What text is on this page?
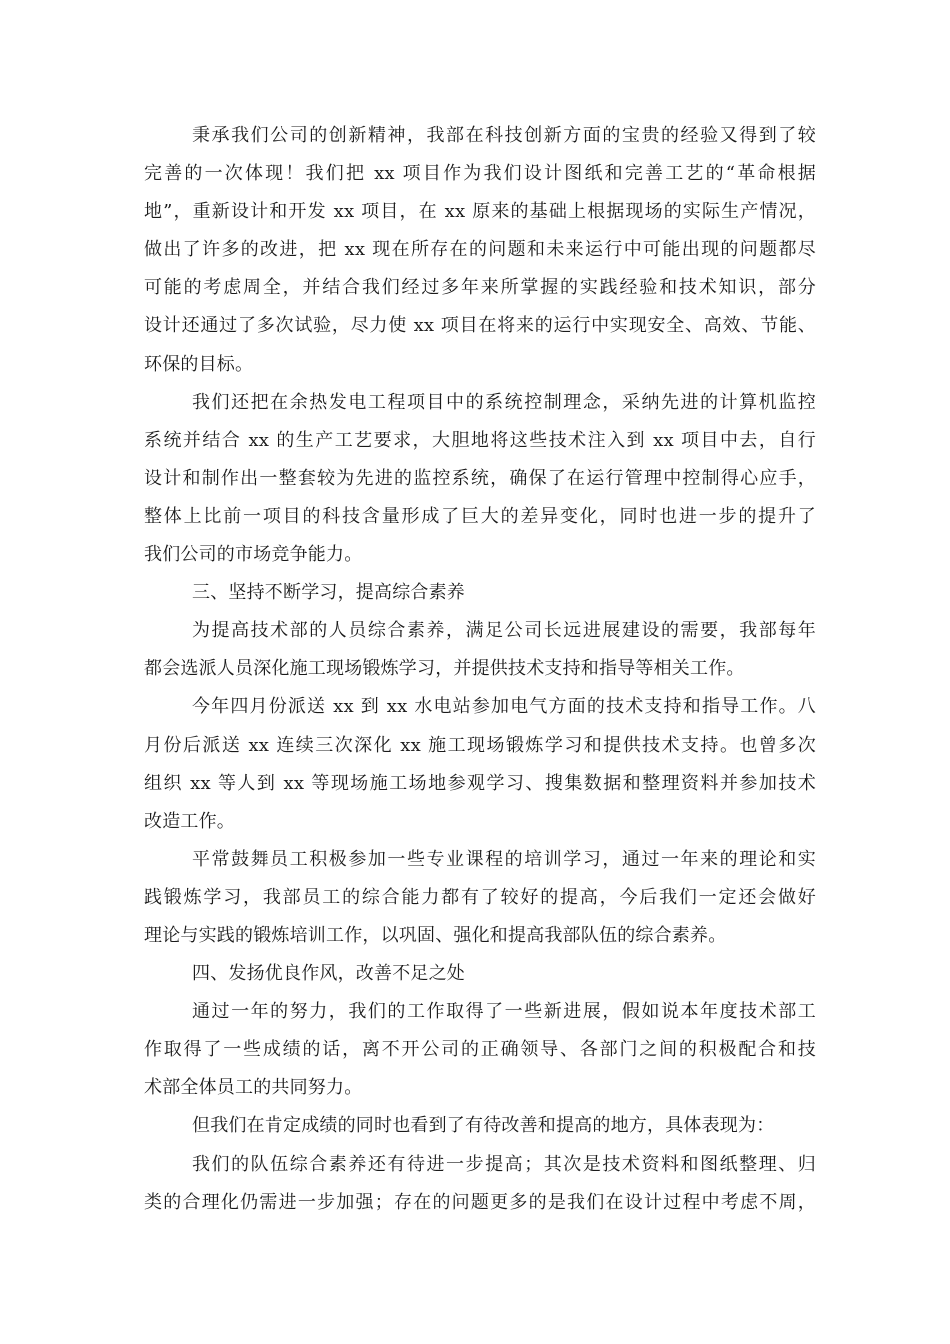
秉承我们公司的创新精神，我部在科技创新方面的宝贵的经验又得到了较
完善的一次体现！我们把 xx 项目作为我们设计图纸和完善工艺的“革命根据
地”，重新设计和开发 xx 项目，在 xx 原来的基础上根据现场的实际生产情况，
做出了许多的改进，把 xx 现在所存在的问题和未来运行中可能出现的问题都尽
可能的考虑周全，并结合我们经过多年来所掌握的实践经验和技术知识，部分
设计还通过了多次试验，尽力使 xx 项目在将来的运行中实现安全、高效、节能、
环保的目标。
我们还把在余热发电工程项目中的系统控制理念，采纳先进的计算机监控
系统并结合 xx 的生产工艺要求，大胆地将这些技术注入到 xx 项目中去，自行
设计和制作出一整套较为先进的监控系统，确保了在运行管理中控制得心应手，
整体上比前一项目的科技含量形成了巨大的差异变化，同时也进一步的提升了
我们公司的市场竞争能力。
三、坚持不断学习，提高综合素养
为提高技术部的人员综合素养，满足公司长远进展建设的需要，我部每年
都会选派人员深化施工现场锻炼学习，并提供技术支持和指导等相关工作。
今年四月份派送 xx 到 xx 水电站参加电气方面的技术支持和指导工作。八
月份后派送 xx 连续三次深化 xx 施工现场锻炼学习和提供技术支持。也曾多次
组织 xx 等人到 xx 等现场施工场地参观学习、搜集数据和整理资料并参加技术
改造工作。
平常鼓舞员工积极参加一些专业课程的培训学习，通过一年来的理论和实
践锻炼学习，我部员工的综合能力都有了较好的提高，今后我们一定还会做好
理论与实践的锻炼培训工作，以巩固、强化和提高我部队伍的综合素养。
四、发扬优良作风，改善不足之处
通过一年的努力，我们的工作取得了一些新进展，假如说本年度技术部工
作取得了一些成绩的话，离不开公司的正确领导、各部门之间的积极配合和技
术部全体员工的共同努力。
但我们在肯定成绩的同时也看到了有待改善和提高的地方，具体表现为：
我们的队伍综合素养还有待进一步提高；其次是技术资料和图纸整理、归
类的合理化仍需进一步加强；存在的问题更多的是我们在设计过程中考虑不周，
